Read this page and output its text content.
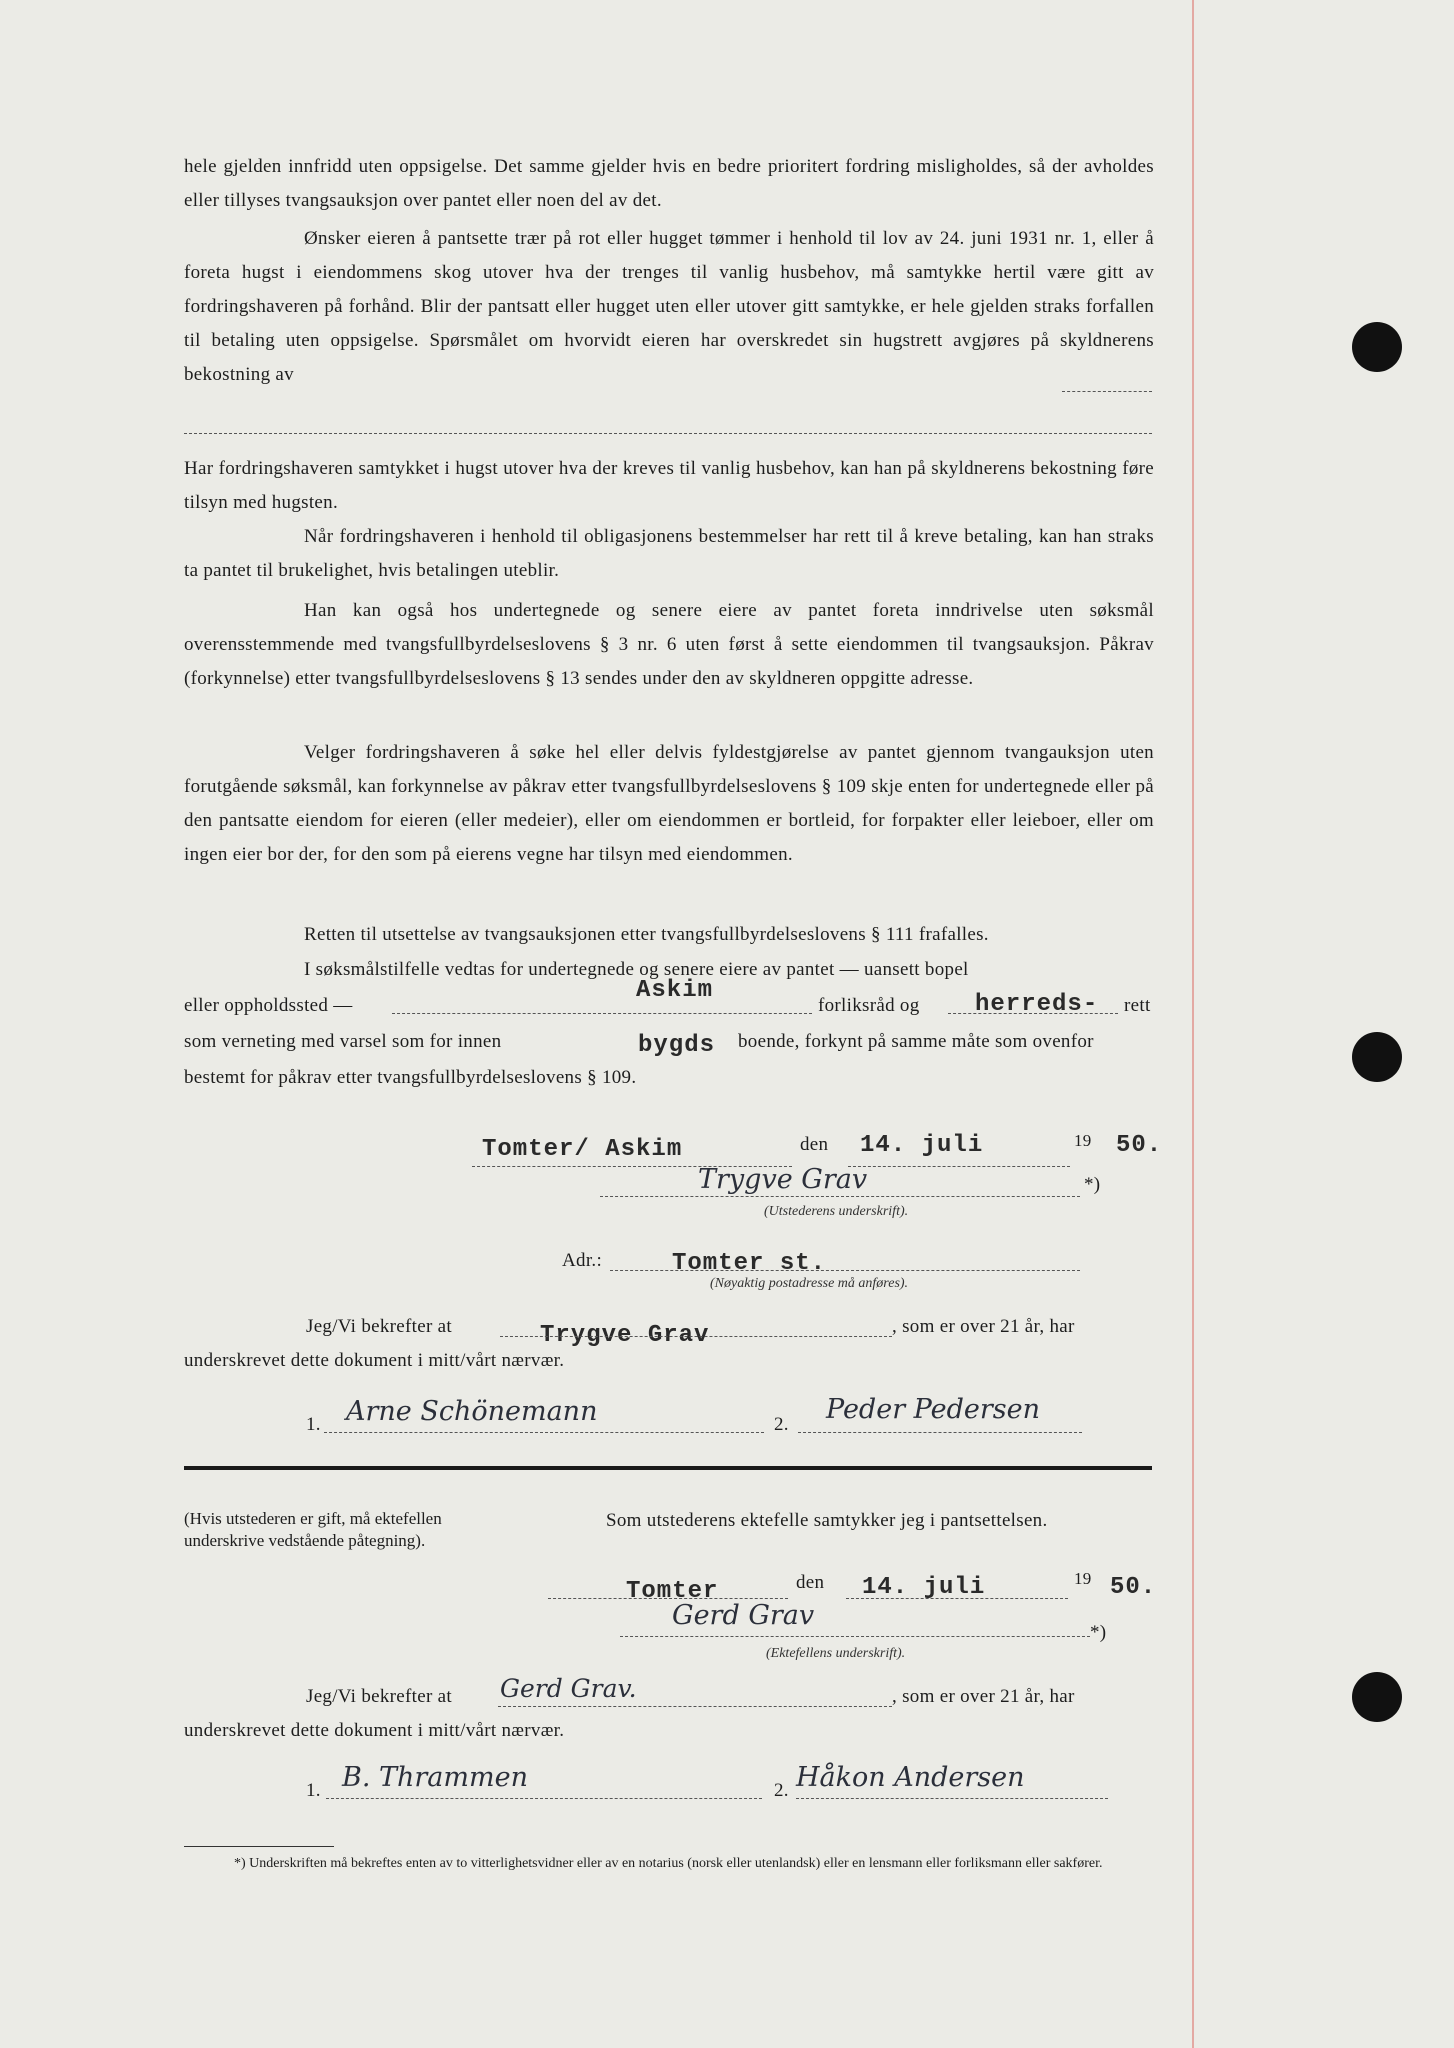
hele gjelden innfridd uten oppsigelse. Det samme gjelder hvis en bedre prioritert fordring misligholdes, så der avholdes eller tillyses tvangsauksjon over pantet eller noen del av det.
Ønsker eieren å pantsette trær på rot eller hugget tømmer i henhold til lov av 24. juni 1931 nr. 1, eller å foreta hugst i eiendommens skog utover hva der trenges til vanlig husbehov, må samtykke hertil være gitt av fordringshaveren på forhånd. Blir der pantsatt eller hugget uten eller utover gitt samtykke, er hele gjelden straks forfallen til betaling uten oppsigelse. Spørsmålet om hvorvidt eieren har overskredet sin hugstrett avgjøres på skyldnerens bekostning av
Har fordringshaveren samtykket i hugst utover hva der kreves til vanlig husbehov, kan han på skyldnerens bekostning føre tilsyn med hugsten.
Når fordringshaveren i henhold til obligasjonens bestemmelser har rett til å kreve betaling, kan han straks ta pantet til brukelighet, hvis betalingen uteblir.
Han kan også hos undertegnede og senere eiere av pantet foreta inndrivelse uten søksmål overensstemmende med tvangsfullbyrdelseslovens § 3 nr. 6 uten først å sette eiendommen til tvangsauksjon. Påkrav (forkynnelse) etter tvangsfullbyrdelseslovens § 13 sendes under den av skyldneren oppgitte adresse.
Velger fordringshaveren å søke hel eller delvis fyldestgjørelse av pantet gjennom tvangauksjon uten forutgående søksmål, kan forkynnelse av påkrav etter tvangsfullbyrdelseslovens § 109 skje enten for undertegnede eller på den pantsatte eiendom for eieren (eller medeier), eller om eiendommen er bortleid, for forpakter eller leieboer, eller om ingen eier bor der, for den som på eierens vegne har tilsyn med eiendommen.
Retten til utsettelse av tvangsauksjonen etter tvangsfullbyrdelseslovens § 111 frafalles.
I søksmålstilfelle vedtas for undertegnede og senere eiere av pantet — uansett bopel
eller oppholdssted —	forliksråd og	rett
Askim
herreds-
som verneting med varsel som for innen	bygds boende, forkynt på samme måte som ovenfor
bestemt for påkrav etter tvangsfullbyrdelseslovens § 109.
Tomter/ Askim	den 14. juli	19 50.
Trygve Grav	*)
(Utstederens underskrift).
Adr.:	Tomter st.
(Nøyaktig postadresse må anføres).
Jeg/Vi bekrefter at	Trygve Grav	, som er over 21 år, har
underskrevet dette dokument i mitt/vårt nærvær.
1. Arne Schönemann	2. Peder Pedersen
(Hvis utstederen er gift, må ektefellen underskrive vedstående påtegning).
Som utstederens ektefelle samtykker jeg i pantsettelsen.
Tomter	den 14. juli	19 50.
Gerd Grav
*)
(Ektefellens underskrift).
Jeg/Vi bekrefter at Gerd Grav.	, som er over 21 år, har
underskrevet dette dokument i mitt/vårt nærvær.
1. B. Thrammen	2. Håkon Andersen
*) Underskriften må bekreftes enten av to vitterlighetsvidner eller av en notarius (norsk eller utenlandsk) eller en lensmann eller forliksmann eller sakfører.
